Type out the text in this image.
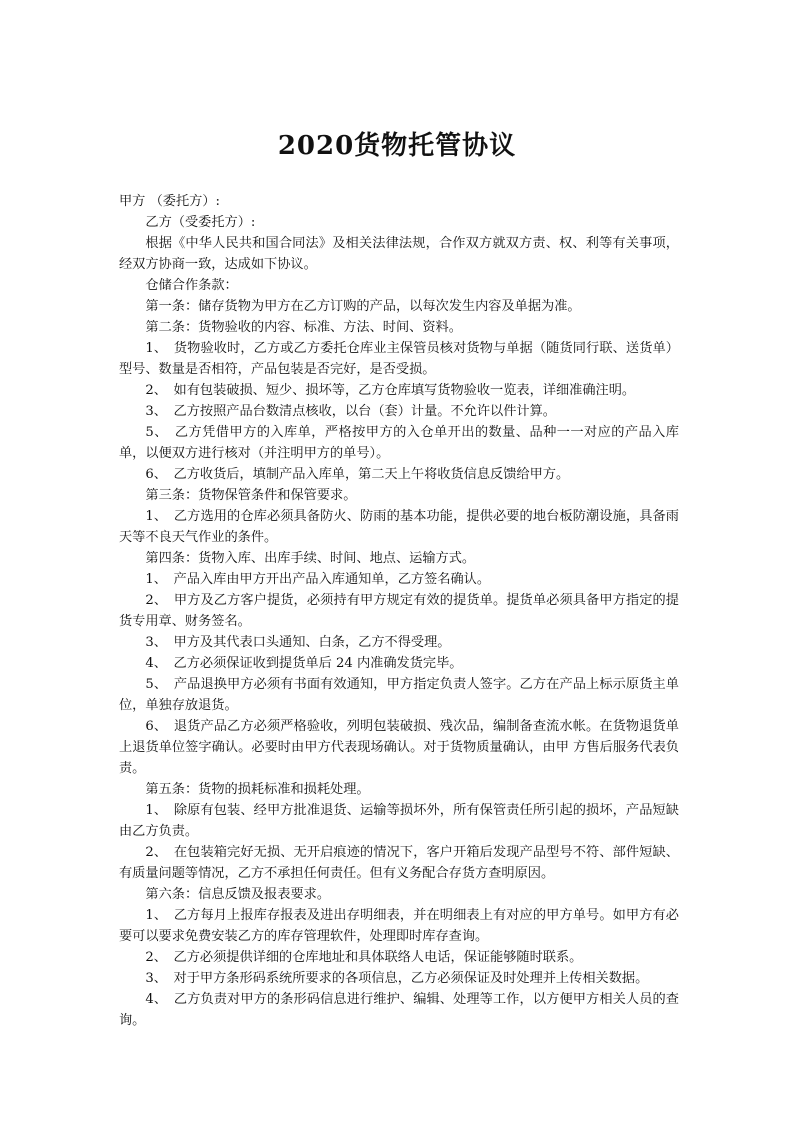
2020货物托管协议

甲方 （委托方）:

乙方（受委托方）:

根据《中华人民共和国合同法》及相关法律法规，合作双方就双方责、权、利等有关事项，经双方协商一致，达成如下协议。

仓储合作条款：

第一条：储存货物为甲方在乙方订购的产品，以每次发生内容及单据为准。

第二条：货物验收的内容、标准、方法、时间、资料。

1、　货物验收时，乙方或乙方委托仓库业主保管员核对货物与单据（随货同行联、送货单）型号、数量是否相符，产品包装是否完好，是否受损。

2、　如有包装破损、短少、损坏等，乙方仓库填写货物验收一览表，详细准确注明。

3、　乙方按照产品台数清点核收，以台（套）计量。不允许以件计算。

5、　乙方凭借甲方的入库单，严格按甲方的入仓单开出的数量、品种一一对应的产品入库单，以便双方进行核对（并注明甲方的单号）。

6、　乙方收货后，填制产品入库单，第二天上午将收货信息反馈给甲方。

第三条：货物保管条件和保管要求。

1、　乙方选用的仓库必须具备防火、防雨的基本功能，提供必要的地台板防潮设施，具备雨天等不良天气作业的条件。

第四条：货物入库、出库手续、时间、地点、运输方式。

1、　产品入库由甲方开出产品入库通知单，乙方签名确认。

2、　甲方及乙方客户提货，必须持有甲方规定有效的提货单。提货单必须具备甲方指定的提货专用章、财务签名。

3、　甲方及其代表口头通知、白条，乙方不得受理。

4、　乙方必须保证收到提货单后 24 内准确发货完毕。

5、　产品退换甲方必须有书面有效通知，甲方指定负责人签字。乙方在产品上标示原货主单位，单独存放退货。

6、　退货产品乙方必须严格验收，列明包装破损、残次品，编制备查流水帐。在货物退货单上退货单位签字确认。必要时由甲方代表现场确认。对于货物质量确认，由甲 方售后服务代表负责。

第五条：货物的损耗标准和损耗处理。

1、　除原有包装、经甲方批准退货、运输等损坏外，所有保管责任所引起的损坏，产品短缺由乙方负责。

2、　在包装箱完好无损、无开启痕迹的情况下，客户开箱后发现产品型号不符、部件短缺、有质量问题等情况，乙方不承担任何责任。但有义务配合存货方查明原因。

第六条：信息反馈及报表要求。

1、　乙方每月上报库存报表及进出存明细表，并在明细表上有对应的甲方单号。如甲方有必要可以要求免费安装乙方的库存管理软件，处理即时库存查询。

2、　乙方必须提供详细的仓库地址和具体联络人电话，保证能够随时联系。

3、　对于甲方条形码系统所要求的各项信息，乙方必须保证及时处理并上传相关数据。

4、　乙方负责对甲方的条形码信息进行维护、编辑、处理等工作，以方便甲方相关人员的查询。
